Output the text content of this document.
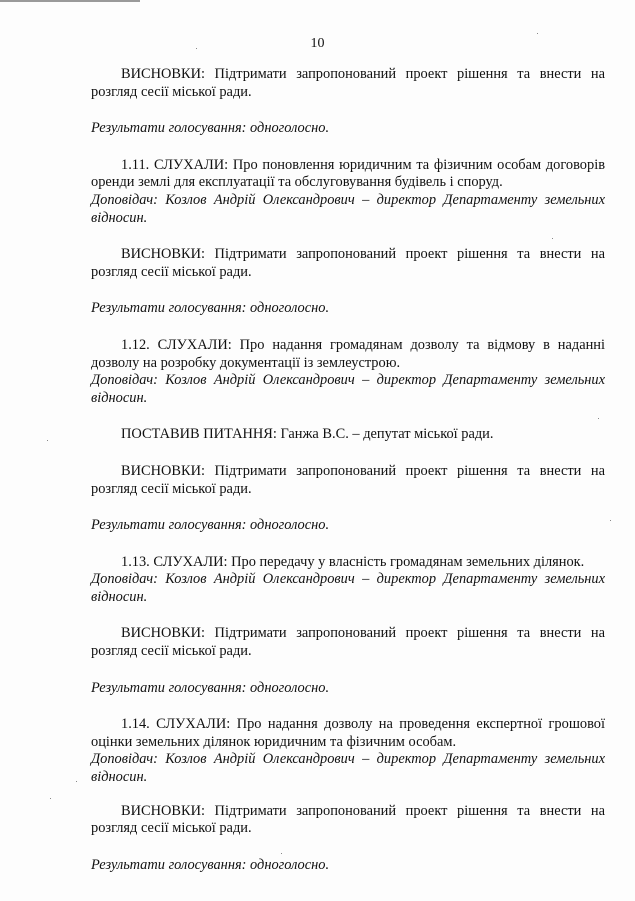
10

ВИСНОВКИ: Підтримати запропонований проект рішення та внести на розгляд сесії міської ради.

Результати голосування: одноголосно.

1.11. СЛУХАЛИ: Про поновлення юридичним та фізичним особам договорів оренди землі для експлуатації та обслуговування будівель і споруд.

Доповідач: Козлов Андрій Олександрович – директор Департаменту земельних відносин.

ВИСНОВКИ: Підтримати запропонований проект рішення та внести на розгляд сесії міської ради.

Результати голосування: одноголосно.

1.12. СЛУХАЛИ: Про надання громадянам дозволу та відмову в наданні дозволу на розробку документації із землеустрою.

Доповідач: Козлов Андрій Олександрович – директор Департаменту земельних відносин.

ПОСТАВИВ ПИТАННЯ: Ганжа В.С. – депутат міської ради.

ВИСНОВКИ: Підтримати запропонований проект рішення та внести на розгляд сесії міської ради.

Результати голосування: одноголосно.

1.13. СЛУХАЛИ: Про передачу у власність громадянам земельних ділянок.

Доповідач: Козлов Андрій Олександрович – директор Департаменту земельних відносин.

ВИСНОВКИ: Підтримати запропонований проект рішення та внести на розгляд сесії міської ради.

Результати голосування: одноголосно.

1.14. СЛУХАЛИ: Про надання дозволу на проведення експертної грошової оцінки земельних ділянок юридичним та фізичним особам.

Доповідач: Козлов Андрій Олександрович – директор Департаменту земельних відносин.

ВИСНОВКИ: Підтримати запропонований проект рішення та внести на розгляд сесії міської ради.

Результати голосування: одноголосно.
